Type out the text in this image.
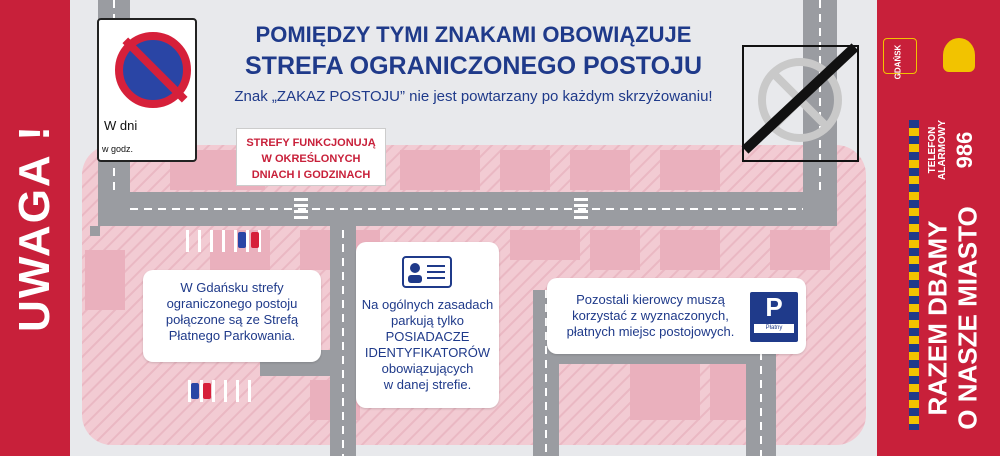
UWAGA !
POMIĘDZY TYMI ZNAKAMI OBOWIĄZUJE
STREFA OGRANICZONEGO POSTOJU
Znak „ZAKAZ POSTOJU” nie jest powtarzany po każdym skrzyżowaniu!
W dni
w godz.	STREFY FUNKCJONUJĄ
W OKREŚLONYCH
DNIACH I GODZINACH
W Gdańsku strefy
ograniczonego postoju
połączone są ze Strefą
Płatnego Parkowania.
Na ogólnych zasadach
parkują tylko
POSIADACZE
IDENTYFIKATORÓW
obowiązujących
w danej strefie.
Pozostali kierowcy muszą
korzystać z wyznaczonych,
płatnych miejsc postojowych.
P
Płatny
GDAŃSK
TELEFON ALARMOWY 986
RAZEM DBAMY O NASZE MIASTO
